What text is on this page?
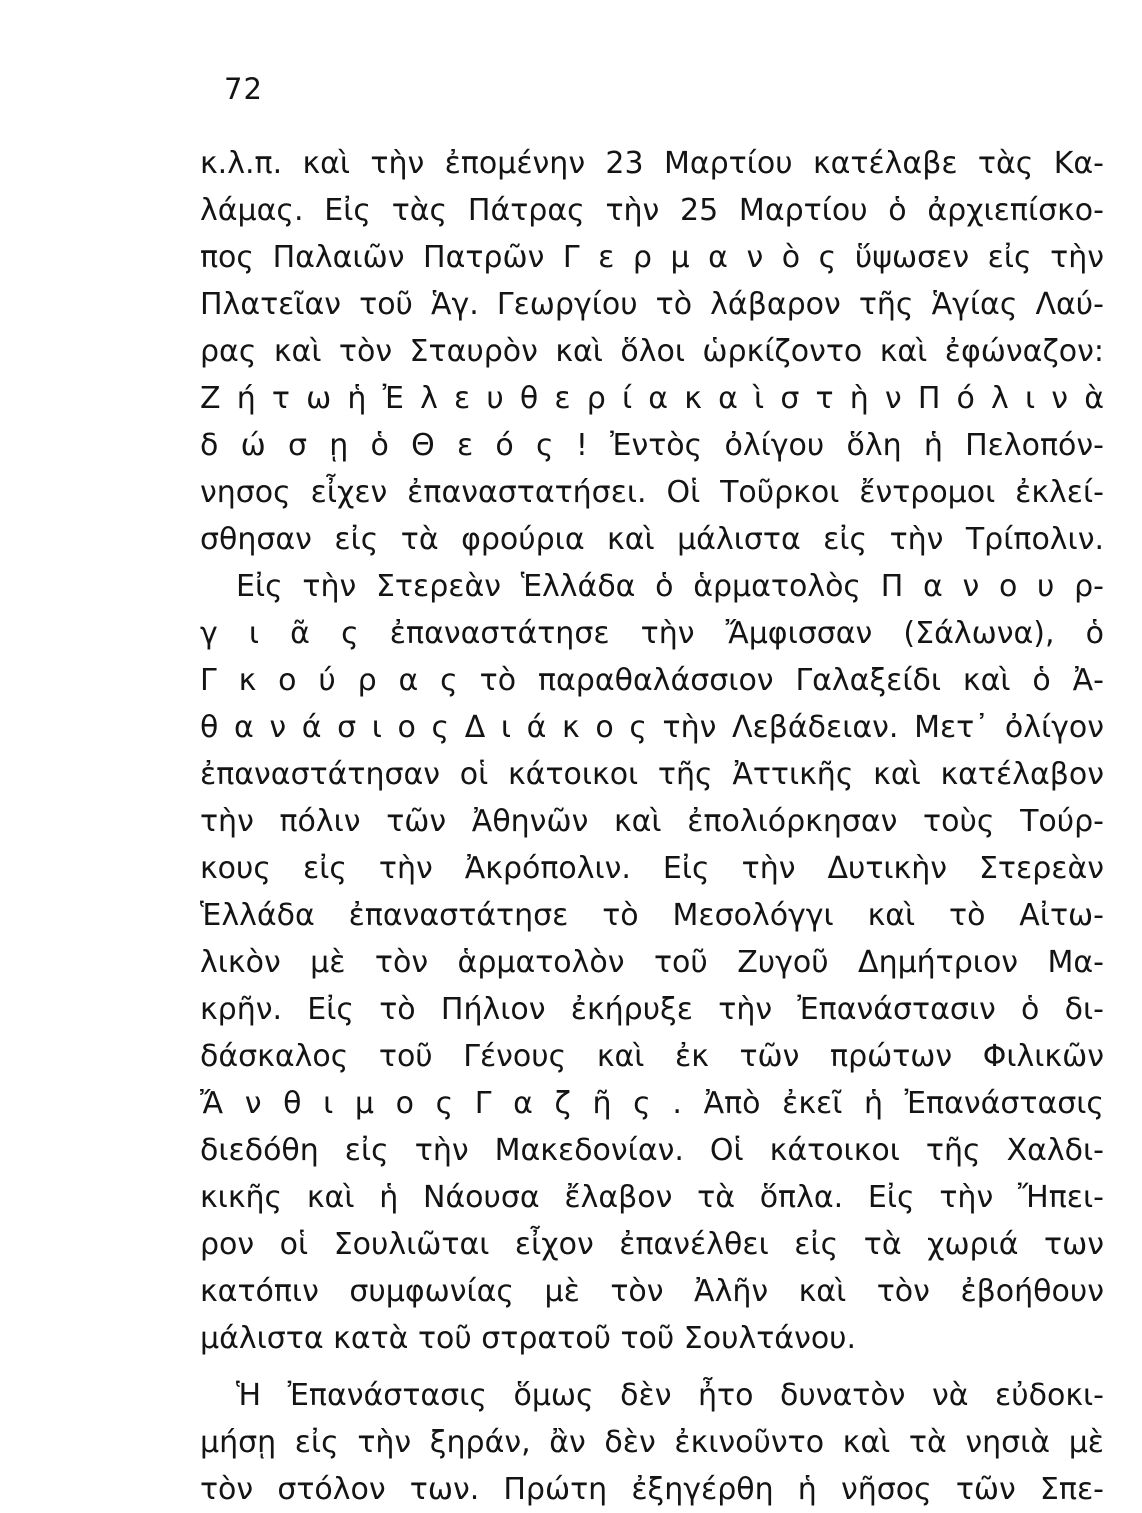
72
κ.λ.π. καὶ τὴν ἐπομένην 23 Μαρτίου κατέλαβε τὰς Κα-
λάμας. Εἰς τὰς Πάτρας τὴν 25 Μαρτίου ὁ ἀρχιεπίσκο-
πος Παλαιῶν Πατρῶν Γ ε ρ μ α ν ὸ ς ὕψωσεν εἰς τὴν
Πλατεῖαν τοῦ Ἁγ. Γεωργίου τὸ λάβαρον τῆς Ἁγίας Λαύ-
ρας καὶ τὸν Σταυρὸν καὶ ὅλοι ὡρκίζοντο καὶ ἐφώναζον:
Ζ ή τ ω ἡ Ἐ λ ε υ θ ε ρ ί α κ α ὶ σ τ ὴ ν Π ό λ ι ν ὰ
δ ώ σ ῃ ὁ Θ ε ό ς ! Ἐντὸς ὀλίγου ὅλη ἡ Πελοπόν-
νησος εἶχεν ἐπαναστατήσει. Οἱ Τοῦρκοι ἔντρομοι ἐκλεί-
σθησαν εἰς τὰ φρούρια καὶ μάλιστα εἰς τὴν Τρίπολιν.
Εἰς τὴν Στερεὰν Ἑλλάδα ὁ ἁρματολὸς Π α ν ο υ ρ-
γ ι ᾶ ς ἐπαναστάτησε τὴν Ἄμφισσαν (Σάλωνα), ὁ
Γ κ ο ύ ρ α ς τὸ παραθαλάσσιον Γαλαξείδι καὶ ὁ Ἀ-
θ α ν ά σ ι ο ς Δ ι ά κ ο ς τὴν Λεβάδειαν. Μετ᾽ ὀλίγον
ἐπαναστάτησαν οἱ κάτοικοι τῆς Ἀττικῆς καὶ κατέλαβον
τὴν πόλιν τῶν Ἀθηνῶν καὶ ἐπολιόρκησαν τοὺς Τούρ-
κους εἰς τὴν Ἀκρόπολιν. Εἰς τὴν Δυτικὴν Στερεὰν
Ἑλλάδα ἐπαναστάτησε τὸ Μεσολόγγι καὶ τὸ Αἰτω-
λικὸν μὲ τὸν ἁρματολὸν τοῦ Ζυγοῦ Δημήτριον Μα-
κρῆν. Εἰς τὸ Πήλιον ἐκήρυξε τὴν Ἐπανάστασιν ὁ δι-
δάσκαλος τοῦ Γένους καὶ ἐκ τῶν πρώτων Φιλικῶν
Ἄ ν θ ι μ ο ς Γ α ζ ῆ ς . Ἀπὸ ἐκεῖ ἡ Ἐπανάστασις
διεδόθη εἰς τὴν Μακεδονίαν. Οἱ κάτοικοι τῆς Χαλδι-
κικῆς καὶ ἡ Νάουσα ἔλαβον τὰ ὅπλα. Εἰς τὴν Ἤπει-
ρον οἱ Σουλιῶται εἶχον ἐπανέλθει εἰς τὰ χωριά των
κατόπιν συμφωνίας μὲ τὸν Ἀλῆν καὶ τὸν ἐβοήθουν
μάλιστα κατὰ τοῦ στρατοῦ τοῦ Σουλτάνου.
Ἡ Ἐπανάστασις ὅμως δὲν ἦτο δυνατὸν νὰ εὐδοκι-
μήσῃ εἰς τὴν ξηράν, ἂν δὲν ἐκινοῦντο καὶ τὰ νησιὰ μὲ
τὸν στόλον των. Πρώτη ἐξηγέρθη ἡ νῆσος τῶν Σπε-
